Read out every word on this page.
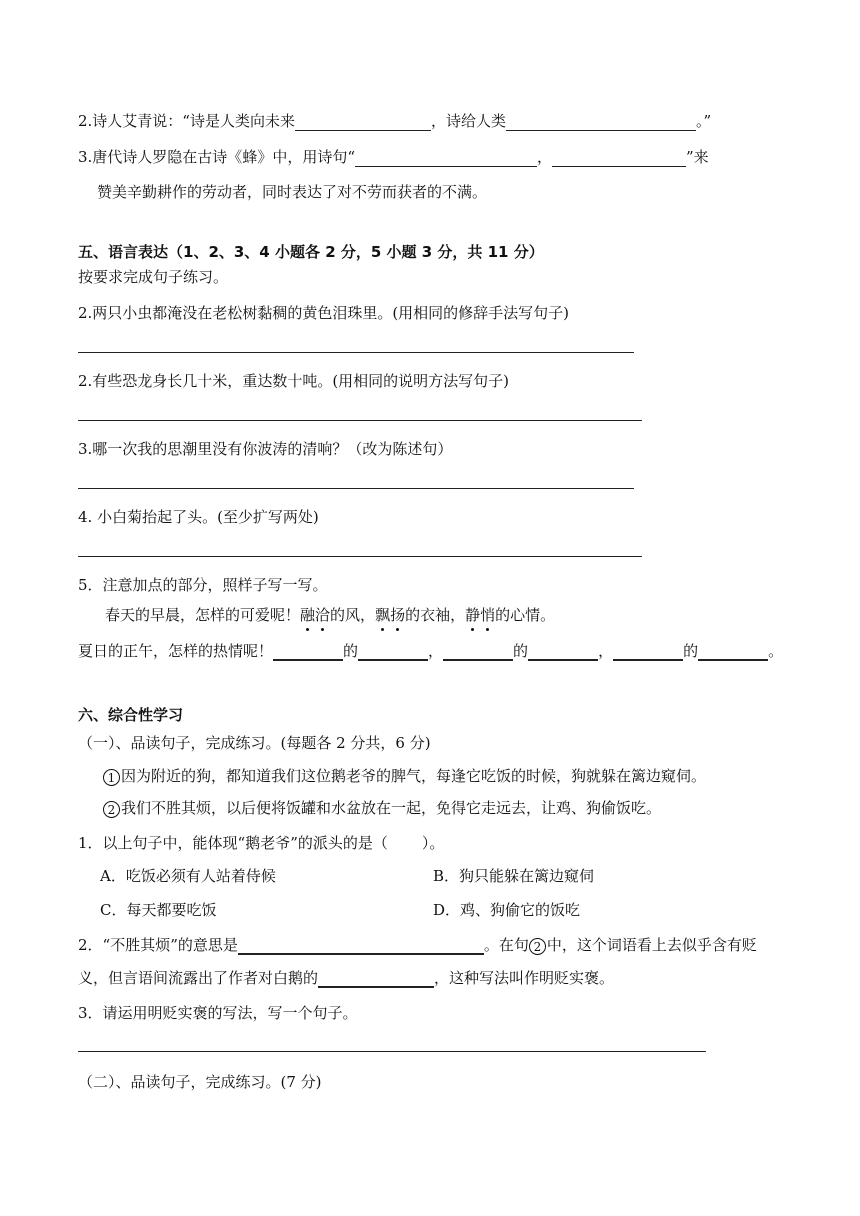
2.诗人艾青说：“诗是人类向未来	，诗给人类	。”
3.唐代诗人罗隐在古诗《蜂》中，用诗句“	，	”来
赞美辛勤耕作的劳动者，同时表达了对不劳而获者的不满。
五、语言表达（1、2、3、4 小题各 2 分，5 小题 3 分，共 11 分）
按要求完成句子练习。
2.两只小虫都淹没在老松树黏稠的黄色泪珠里。(用相同的修辞手法写句子)
2.有些恐龙身长几十米，重达数十吨。(用相同的说明方法写句子)
3.哪一次我的思潮里没有你波涛的清响？（改为陈述句）
4. 小白菊抬起了头。(至少扩写两处)
5．注意加点的部分，照样子写一写。
春天的早晨，怎样的可爱呢！融洽的风，飘扬的衣袖，静悄的心情。
夏日的正午，怎样的热情呢！	的	，	的	，	的	。
六、综合性学习
（一）、品读句子，完成练习。(每题各 2 分共，6 分)
1 因为附近的狗，都知道我们这位鹅老爷的脾气，每逢它吃饭的时候，狗就躲在篱边窥伺。
2 我们不胜其烦，以后便将饭罐和水盆放在一起，免得它走远去，让鸡、狗偷饭吃。
1．以上句子中，能体现“鹅老爷”的派头的是（ ）。
A．吃饭必须有人站着侍候	B．狗只能躲在篱边窥伺
C．每天都要吃饭	D．鸡、狗偷它的饭吃
2．“不胜其烦”的意思是	。在句 2 中，这个词语看上去似乎含有贬
义，但言语间流露出了作者对白鹅的	，这种写法叫作明贬实褒。
3．请运用明贬实褒的写法，写一个句子。
（二）、品读句子，完成练习。(7 分)
